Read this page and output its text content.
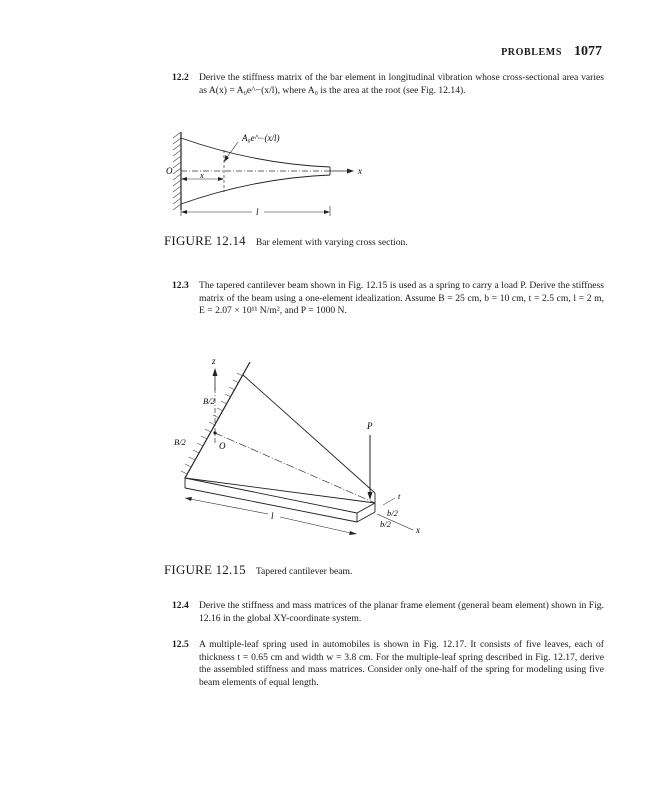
PROBLEMS 1077
12.2	Derive the stiffness matrix of the bar element in longitudinal vibration whose cross-sectional area varies as A(x) = A₀e^−(x/l), where A₀ is the area at the root (see Fig. 12.14).
A₀e^−(x/l)
O	x
x
l
FIGURE 12.14 Bar element with varying cross section.
12.3	The tapered cantilever beam shown in Fig. 12.15 is used as a spring to carry a load P. Derive the stiffness matrix of the beam using a one-element idealization. Assume B = 25 cm, b = 10 cm, t = 2.5 cm, l = 2 m, E = 2.07 × 10¹¹ N/m², and P = 1000 N.
z
O
B/2
B/2
P
t
b/2
b/2
x
l
FIGURE 12.15 Tapered cantilever beam.
12.4	Derive the stiffness and mass matrices of the planar frame element (general beam element) shown in Fig. 12.16 in the global XY-coordinate system.
12.5	A multiple-leaf spring used in automobiles is shown in Fig. 12.17. It consists of five leaves, each of thickness t = 0.65 cm and width w = 3.8 cm. For the multiple-leaf spring described in Fig. 12.17, derive the assembled stiffness and mass matrices. Consider only one-half of the spring for modeling using five beam elements of equal length.
